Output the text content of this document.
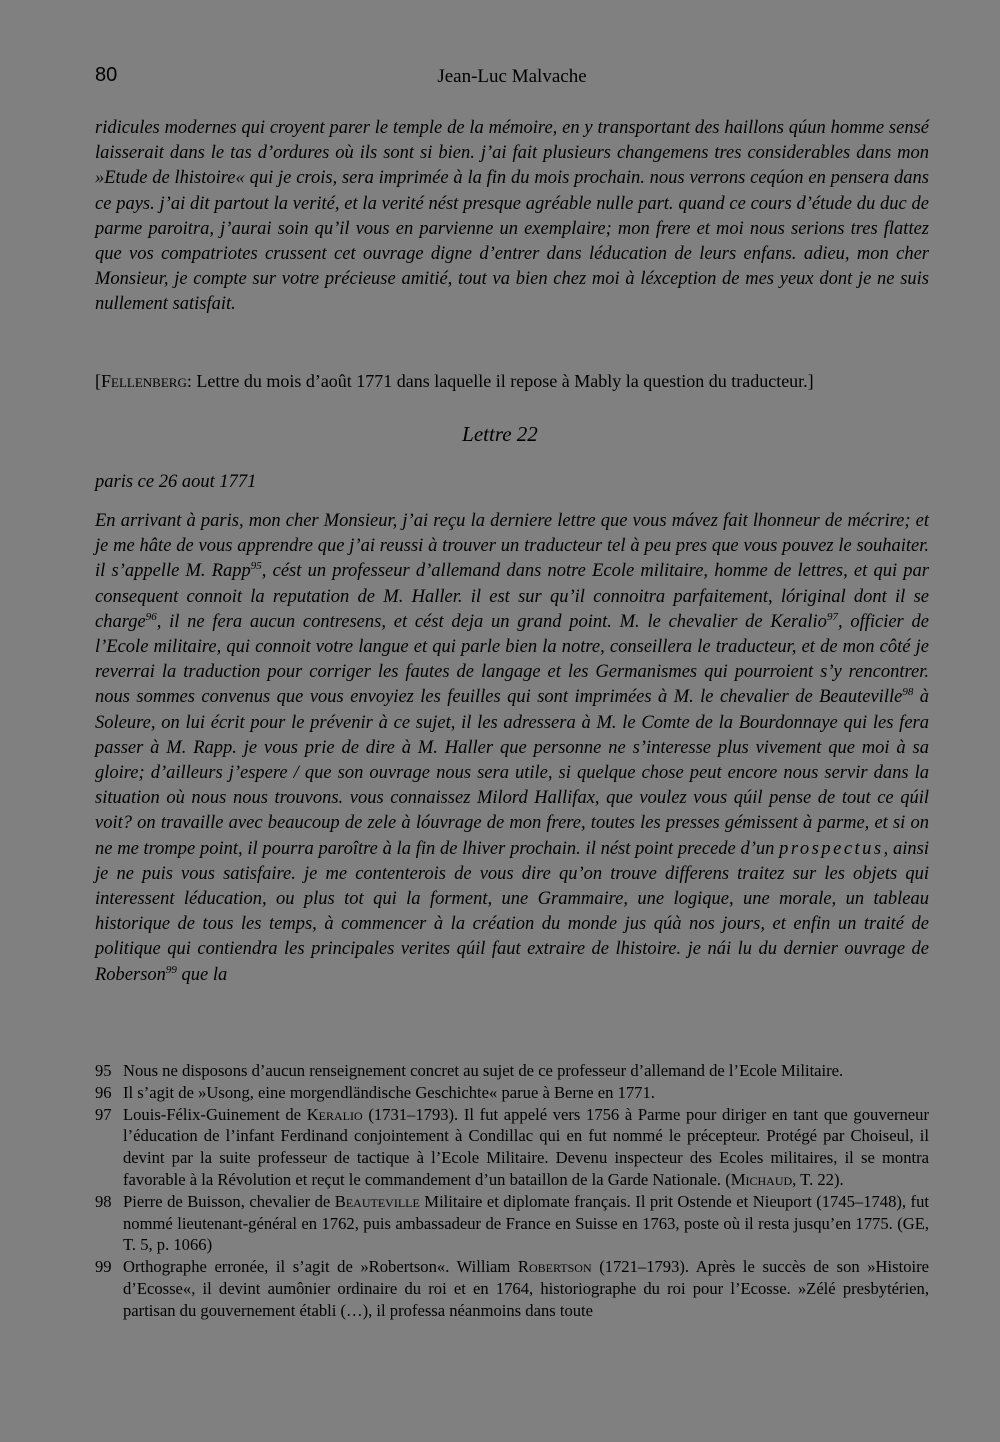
80	Jean-Luc Malvache

ridicules modernes qui croyent parer le temple de la mémoire, en y transportant des haillons qúun homme sensé laisserait dans le tas d’ordures où ils sont si bien. j’ai fait plusieurs changemens tres considerables dans mon »Etude de lhistoire« qui je crois, sera imprimée à la fin du mois prochain. nous verrons ceqúon en pensera dans ce pays. j’ai dit partout la verité, et la verité nést presque agréable nulle part. quand ce cours d’étude du duc de parme paroitra, j’aurai soin qu’il vous en parvienne un exemplaire; mon frere et moi nous serions tres flattez que vos compatriotes crussent cet ouvrage digne d’entrer dans léducation de leurs enfans. adieu, mon cher Monsieur, je compte sur votre précieuse amitié, tout va bien chez moi à léxception de mes yeux dont je ne suis nullement satisfait.

[Fellenberg: Lettre du mois d’août 1771 dans laquelle il repose à Mably la question du traducteur.]
Lettre 22
paris ce 26 aout 1771

En arrivant à paris, mon cher Monsieur, j’ai reçu la derniere lettre que vous mávez fait lhonneur de mécrire; et je me hâte de vous apprendre que j’ai reussi à trouver un traducteur tel à peu pres que vous pouvez le souhaiter. il s’appelle M. Rapp$^{95}$, cést un professeur d’allemand dans notre Ecole militaire, homme de lettres, et qui par consequent connoit la reputation de M. Haller. il est sur qu’il connoitra parfaitement, lóriginal dont il se charge$^{96}$, il ne fera aucun contresens, et cést deja un grand point. M. le chevalier de Keralio$^{97}$, officier de l’Ecole militaire, qui connoit votre langue et qui parle bien la notre, conseillera le traducteur, et de mon côté je reverrai la traduction pour corriger les fautes de langage et les Germanismes qui pourroient s’y rencontrer. nous sommes convenus que vous envoyiez les feuilles qui sont imprimées à M. le chevalier de Beauteville$^{98}$ à Soleure, on lui écrit pour le prévenir à ce sujet, il les adressera à M. le Comte de la Bourdonnaye qui les fera passer à M. Rapp. je vous prie de dire à M. Haller que personne ne s’interesse plus vivement que moi à sa gloire; d’ailleurs j’espere / que son ouvrage nous sera utile, si quelque chose peut encore nous servir dans la situation où nous nous trouvons. vous connaissez Milord Hallifax, que voulez vous qúil pense de tout ce qúil voit? on travaille avec beaucoup de zele à lóuvrage de mon frere, toutes les presses gémissent à parme, et si on ne me trompe point, il pourra paroître à la fin de lhiver prochain. il nést point precede d’un prospectus, ainsi je ne puis vous satisfaire. je me contenterois de vous dire qu’on trouve differens traitez sur les objets qui interessent léducation, ou plus tot qui la forment, une Grammaire, une logique, une morale, un tableau historique de tous les temps, à commencer à la création du monde jus qúà nos jours, et enfin un traité de politique qui contiendra les principales verites qúil faut extraire de lhistoire. je nái lu du dernier ouvrage de Roberson$^{99}$ que la

95 Nous ne disposons d’aucun renseignement concret au sujet de ce professeur d’allemand de l’Ecole Militaire.

96 Il s’agit de »Usong, eine morgendländische Geschichte« parue à Berne en 1771.

97 Louis-Félix-Guinement de Keralio (1731–1793). Il fut appelé vers 1756 à Parme pour diriger en tant que gouverneur l’éducation de l’infant Ferdinand conjointement à Condillac qui en fut nommé le précepteur. Protégé par Choiseul, il devint par la suite professeur de tactique à l’Ecole Militaire. Devenu inspecteur des Ecoles militaires, il se montra favorable à la Révolution et reçut le commandement d’un bataillon de la Garde Nationale. (Michaud, T. 22).

98 Pierre de Buisson, chevalier de Beauteville Militaire et diplomate français. Il prit Ostende et Nieuport (1745–1748), fut nommé lieutenant-général en 1762, puis ambassadeur de France en Suisse en 1763, poste où il resta jusqu’en 1775. (GE, T. 5, p. 1066)

99 Orthographe erronée, il s’agit de »Robertson«. William Robertson (1721–1793). Après le succès de son »Histoire d’Ecosse«, il devint aumônier ordinaire du roi et en 1764, historiographe du roi pour l’Ecosse. »Zélé presbytérien, partisan du gouvernement établi (…), il professa néanmoins dans toute
